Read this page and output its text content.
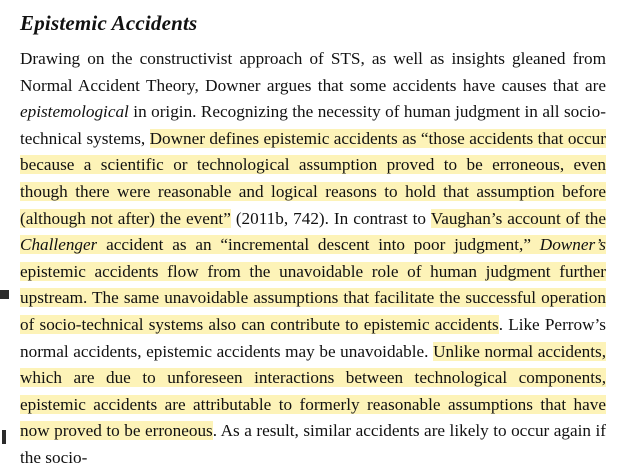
Epistemic Accidents

Drawing on the constructivist approach of STS, as well as insights gleaned from Normal Accident Theory, Downer argues that some accidents have causes that are epistemological in origin. Recognizing the necessity of human judgment in all socio-technical systems, Downer defines epistemic accidents as “those accidents that occur because a scientific or technological assumption proved to be erroneous, even though there were reasonable and logical reasons to hold that assumption before (although not after) the event” (2011b, 742). In contrast to Vaughan’s account of the Challenger accident as an “incremental descent into poor judgment,” Downer’s epistemic accidents flow from the unavoidable role of human judgment further upstream. The same unavoidable assumptions that facilitate the successful operation of socio-technical systems also can contribute to epistemic accidents. Like Perrow’s normal accidents, epistemic accidents may be unavoidable. Unlike normal accidents, which are due to unforeseen interactions between technological components, epistemic accidents are attributable to formerly reasonable assumptions that have now proved to be erroneous. As a result, similar accidents are likely to occur again if the socio-
